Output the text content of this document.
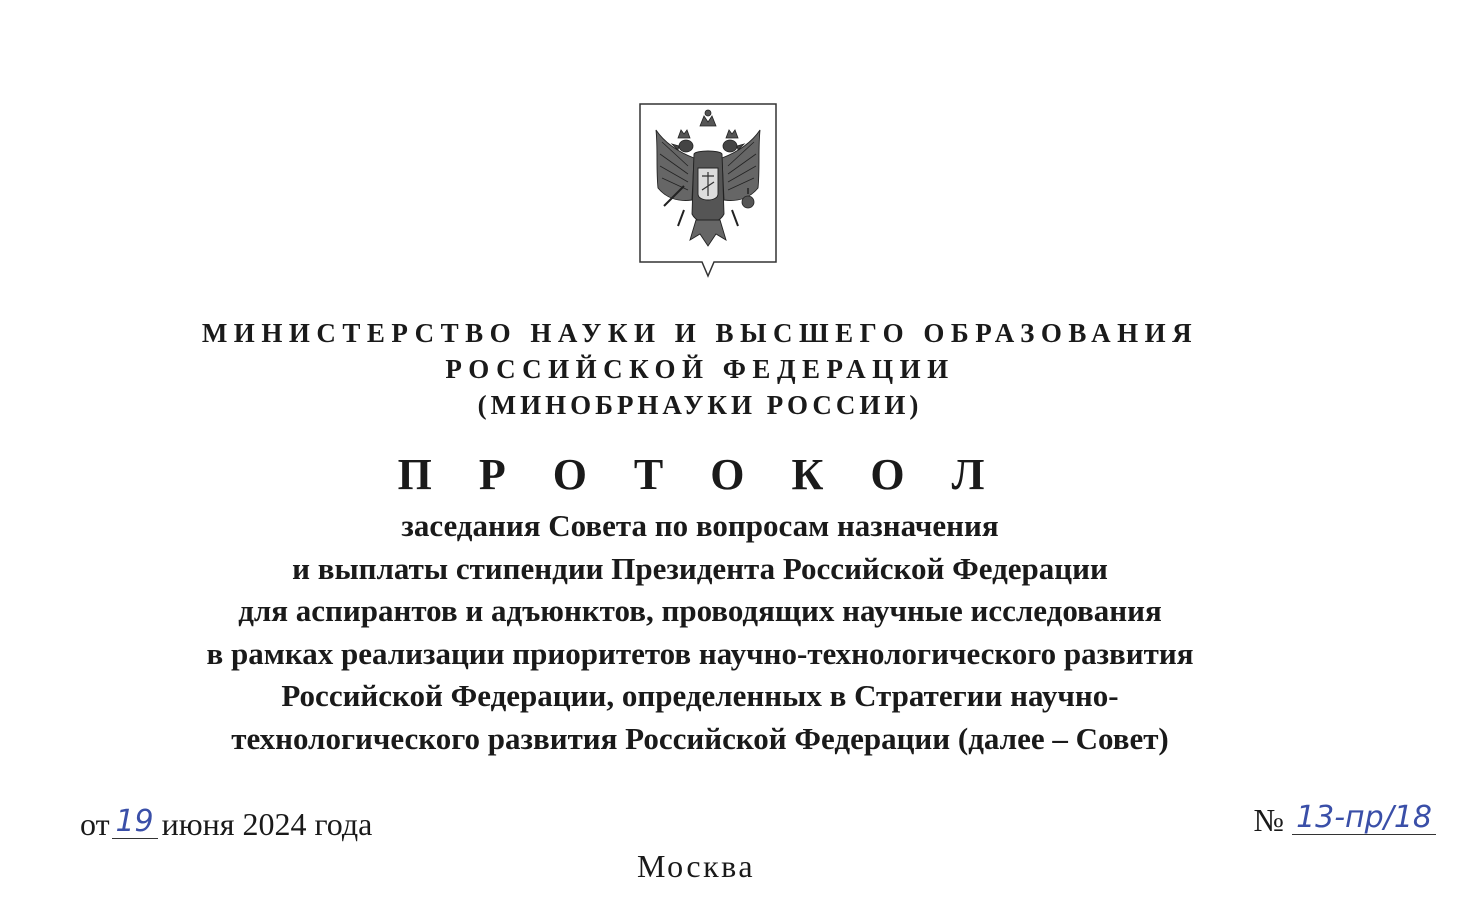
МИНИСТЕРСТВО НАУКИ И ВЫСШЕГО ОБРАЗОВАНИЯ
РОССИЙСКОЙ ФЕДЕРАЦИИ
(МИНОБРНАУКИ РОССИИ)
П Р О Т О К О Л
заседания Совета по вопросам назначения
и выплаты стипендии Президента Российской Федерации
для аспирантов и адъюнктов, проводящих научные исследования
в рамках реализации приоритетов научно-технологического развития
Российской Федерации, определенных в Стратегии научно-
технологического развития Российской Федерации (далее – Совет)
от 19 июня 2024 года	№ 13-пр/18
Москва
